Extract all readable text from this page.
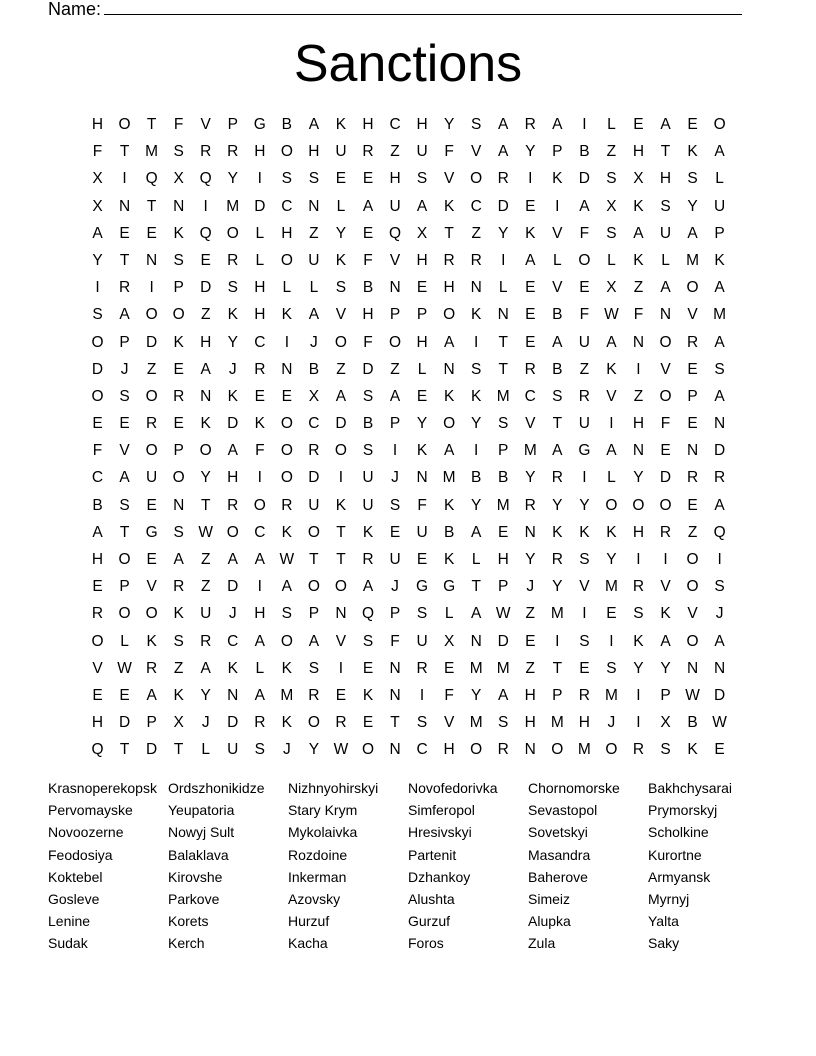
Name:
Sanctions
H O T F V P G B A K H C H Y S A R A I L E A E O
F T M S R R H O H U R Z U F V A Y P B Z H T K A
X I Q X Q Y I S S E E H S V O R I K D S X H S L
X N T N I M D C N L A U A K C D E I A X K S Y U
A E E K Q O L H Z Y E Q X T Z Y K V F S A U A P
Y T N S E R L O U K F V H R R I A L O L K L M K
I R I P D S H L L S B N E H N L E V E X Z A O A
S A O O Z K H K A V H P P O K N E B F W F N V M
O P D K H Y C I J O F O H A I T E A U A N O R A
D J Z E A J R N B Z D Z L N S T R B Z K I V E S
O S O R N K E E X A S A E K K M C S R V Z O P A
E E R E K D K O C D B P Y O Y S V T U I H F E N
F V O P O A F O R O S I K A I P M A G A N E N D
C A U O Y H I O D I U J N M B B Y R I L Y D R R
B S E N T R O R U K U S F K Y M R Y Y O O O E A
A T G S W O C K O T K E U B A E N K K K H R Z Q
H O E A Z A A W T T R U E K L H Y R S Y I I O I
E P V R Z D I A O O A J G G T P J Y V M R V O S
R O O K U J H S P N Q P S L A W Z M I E S K V J
O L K S R C A O A V S F U X N D E I S I K A O A
V W R Z A K L K S I E N R E M M Z T E S Y Y N N
E E A K Y N A M R E K N I F Y A H P R M I P W D
H D P X J D R K O R E T S V M S H M H J I X B W
Q T D T L U S J Y W O N C H O R N O M O R S K E
Krasnoperekopsk Ordszhonikidze Nizhnyohirskyi Novofedorivka Chornomorske Bakhchysarai
Pervomayske	Yeupatoria	Stary Krym	Simferopol	Sevastopol	Prymorskyj
Novoozerne	Nowyj Sult	Mykolaivka	Hresivskyi	Sovetskyi	Scholkine
Feodosiya	Balaklava	Rozdoine	Partenit	Masandra	Kurortne
Koktebel	Kirovshe	Inkerman	Dzhankoy	Baherove	Armyansk
Gosleve	Parkove	Azovsky	Alushta	Simeiz	Myrnyj
Lenine	Korets	Hurzuf	Gurzuf	Alupka	Yalta
Sudak	Kerch	Kacha	Foros	Zula	Saky
